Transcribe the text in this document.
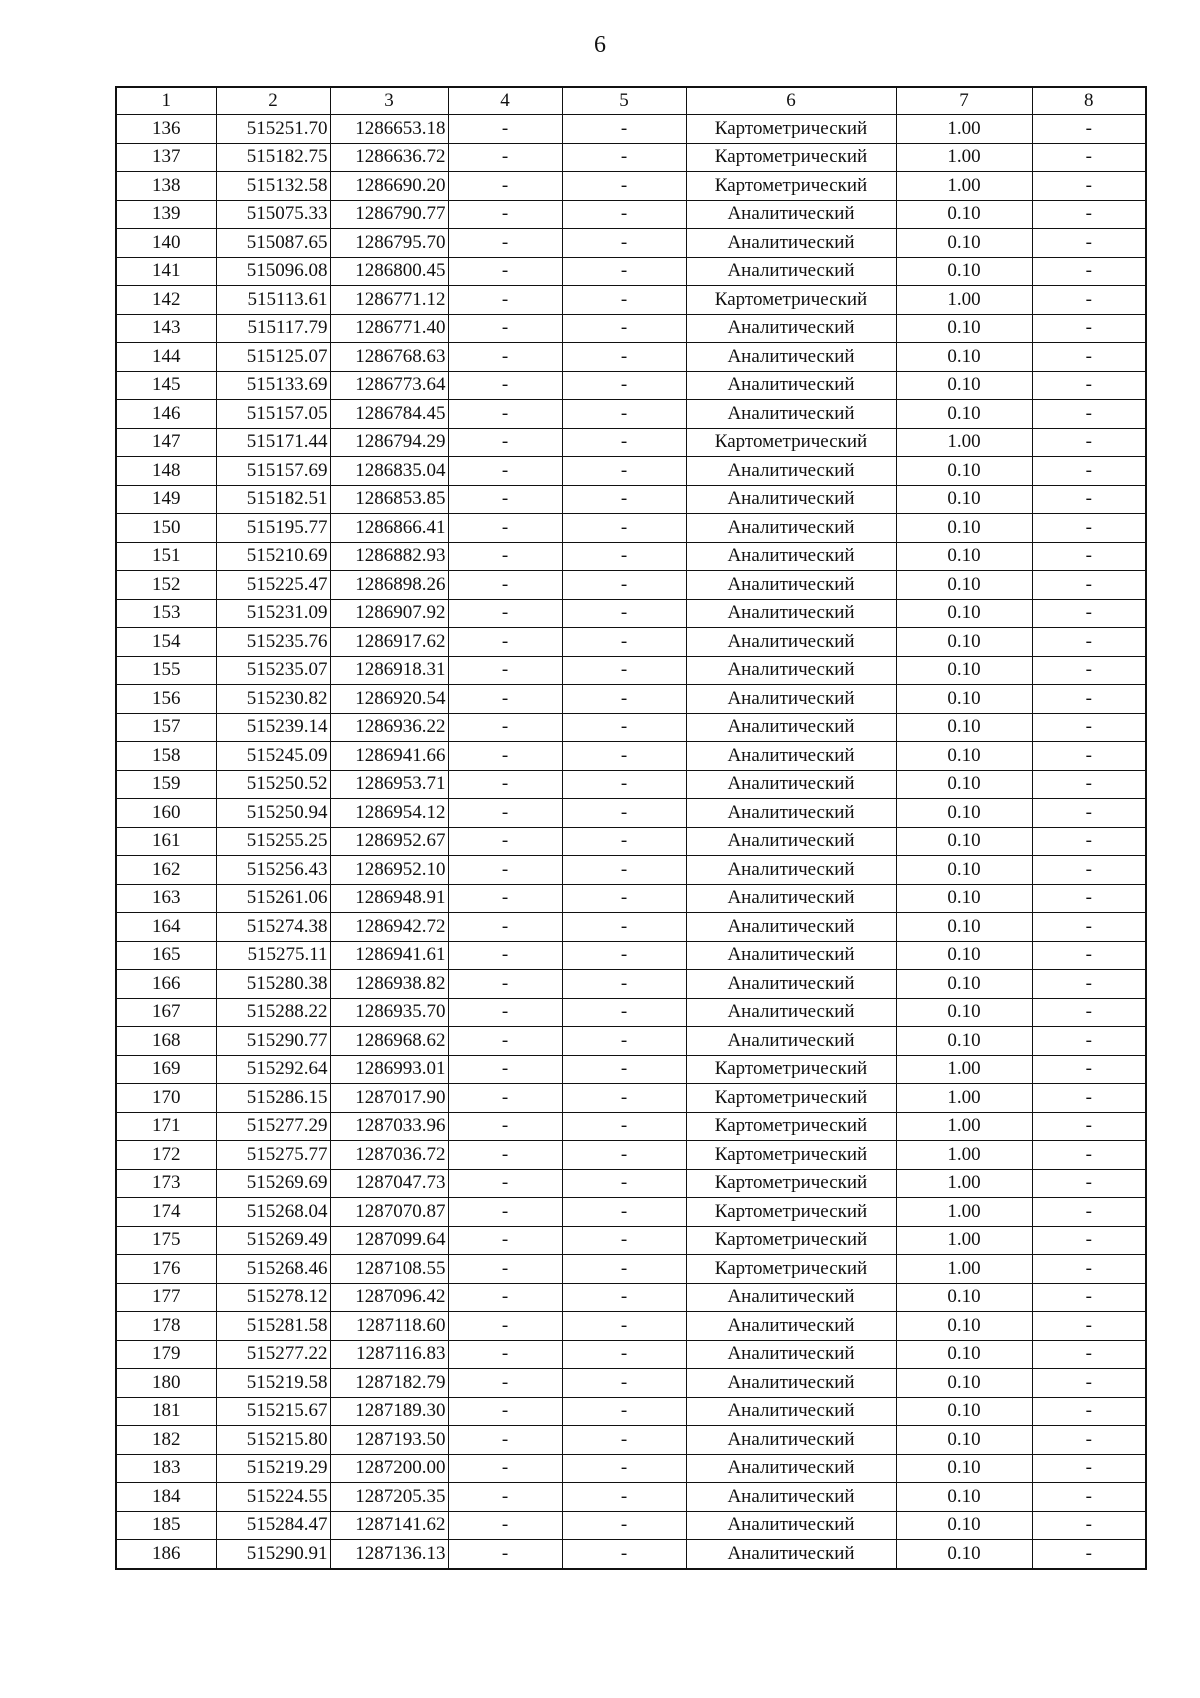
6
1	2	3	4	5	6	7	8
136	515251.70	1286653.18	-	-	Картометрический	1.00	-
137	515182.75	1286636.72	-	-	Картометрический	1.00	-
138	515132.58	1286690.20	-	-	Картометрический	1.00	-
139	515075.33	1286790.77	-	-	Аналитический	0.10	-
140	515087.65	1286795.70	-	-	Аналитический	0.10	-
141	515096.08	1286800.45	-	-	Аналитический	0.10	-
142	515113.61	1286771.12	-	-	Картометрический	1.00	-
143	515117.79	1286771.40	-	-	Аналитический	0.10	-
144	515125.07	1286768.63	-	-	Аналитический	0.10	-
145	515133.69	1286773.64	-	-	Аналитический	0.10	-
146	515157.05	1286784.45	-	-	Аналитический	0.10	-
147	515171.44	1286794.29	-	-	Картометрический	1.00	-
148	515157.69	1286835.04	-	-	Аналитический	0.10	-
149	515182.51	1286853.85	-	-	Аналитический	0.10	-
150	515195.77	1286866.41	-	-	Аналитический	0.10	-
151	515210.69	1286882.93	-	-	Аналитический	0.10	-
152	515225.47	1286898.26	-	-	Аналитический	0.10	-
153	515231.09	1286907.92	-	-	Аналитический	0.10	-
154	515235.76	1286917.62	-	-	Аналитический	0.10	-
155	515235.07	1286918.31	-	-	Аналитический	0.10	-
156	515230.82	1286920.54	-	-	Аналитический	0.10	-
157	515239.14	1286936.22	-	-	Аналитический	0.10	-
158	515245.09	1286941.66	-	-	Аналитический	0.10	-
159	515250.52	1286953.71	-	-	Аналитический	0.10	-
160	515250.94	1286954.12	-	-	Аналитический	0.10	-
161	515255.25	1286952.67	-	-	Аналитический	0.10	-
162	515256.43	1286952.10	-	-	Аналитический	0.10	-
163	515261.06	1286948.91	-	-	Аналитический	0.10	-
164	515274.38	1286942.72	-	-	Аналитический	0.10	-
165	515275.11	1286941.61	-	-	Аналитический	0.10	-
166	515280.38	1286938.82	-	-	Аналитический	0.10	-
167	515288.22	1286935.70	-	-	Аналитический	0.10	-
168	515290.77	1286968.62	-	-	Аналитический	0.10	-
169	515292.64	1286993.01	-	-	Картометрический	1.00	-
170	515286.15	1287017.90	-	-	Картометрический	1.00	-
171	515277.29	1287033.96	-	-	Картометрический	1.00	-
172	515275.77	1287036.72	-	-	Картометрический	1.00	-
173	515269.69	1287047.73	-	-	Картометрический	1.00	-
174	515268.04	1287070.87	-	-	Картометрический	1.00	-
175	515269.49	1287099.64	-	-	Картометрический	1.00	-
176	515268.46	1287108.55	-	-	Картометрический	1.00	-
177	515278.12	1287096.42	-	-	Аналитический	0.10	-
178	515281.58	1287118.60	-	-	Аналитический	0.10	-
179	515277.22	1287116.83	-	-	Аналитический	0.10	-
180	515219.58	1287182.79	-	-	Аналитический	0.10	-
181	515215.67	1287189.30	-	-	Аналитический	0.10	-
182	515215.80	1287193.50	-	-	Аналитический	0.10	-
183	515219.29	1287200.00	-	-	Аналитический	0.10	-
184	515224.55	1287205.35	-	-	Аналитический	0.10	-
185	515284.47	1287141.62	-	-	Аналитический	0.10	-
186	515290.91	1287136.13	-	-	Аналитический	0.10	-
